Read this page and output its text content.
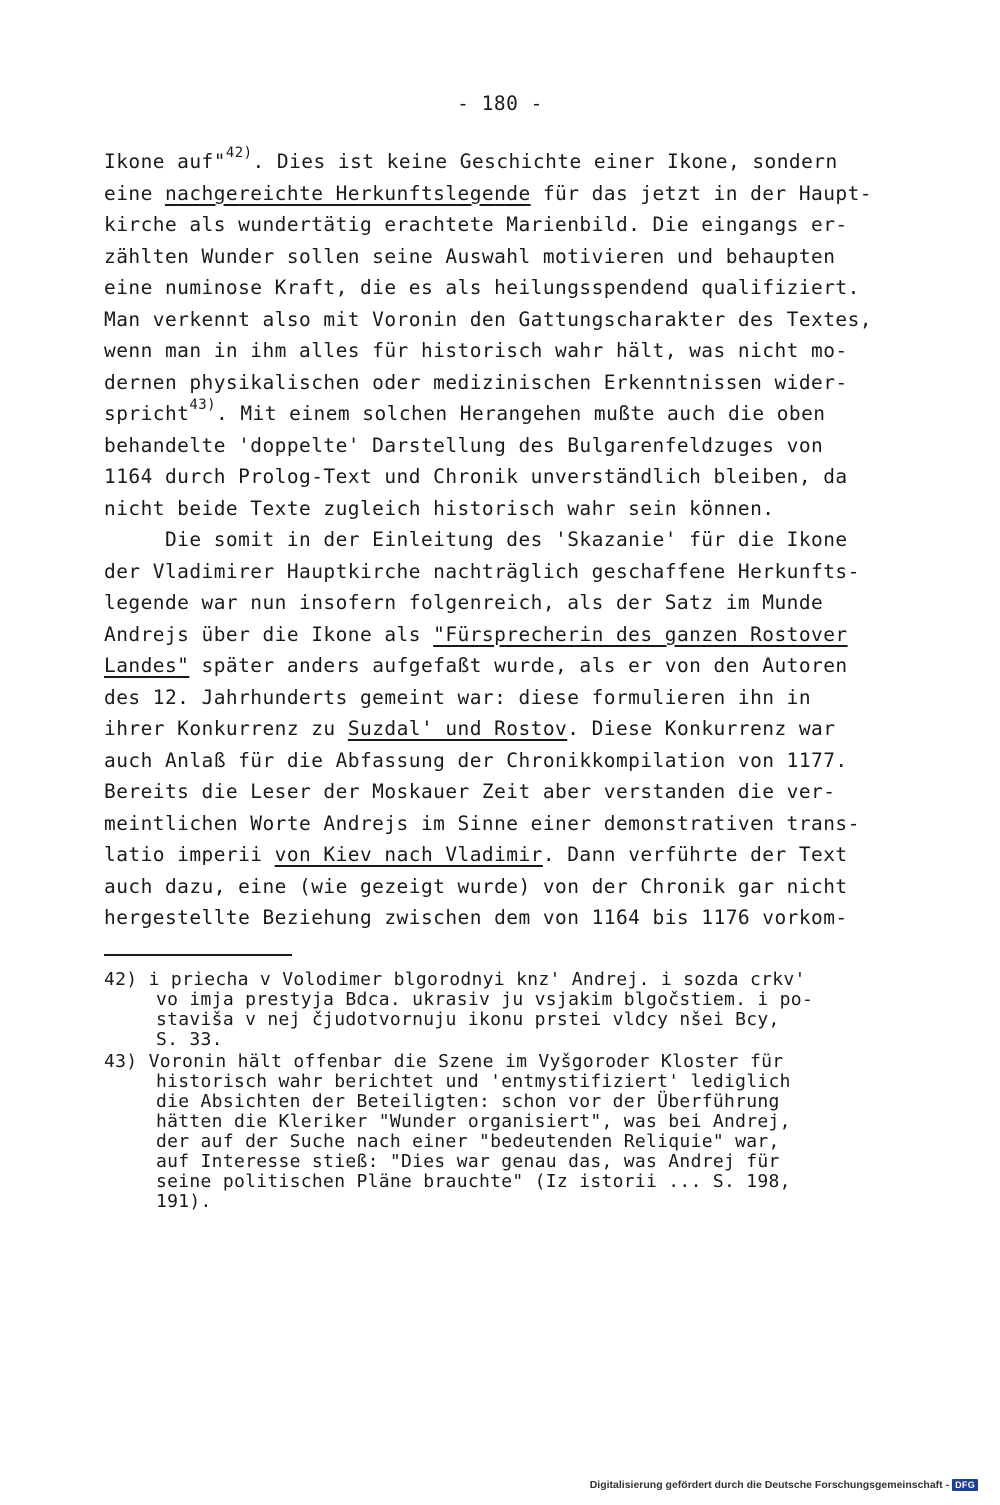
- 180 -
Ikone auf"$^{42)}$. Dies ist keine Geschichte einer Ikone, sondern
eine nachgereichte Herkunftslegende für das jetzt in der Haupt-
kirche als wundertätig erachtete Marienbild. Die eingangs er-
zählten Wunder sollen seine Auswahl motivieren und behaupten
eine numinose Kraft, die es als heilungsspendend qualifiziert.
Man verkennt also mit Voronin den Gattungscharakter des Textes,
wenn man in ihm alles für historisch wahr hält, was nicht mo-
dernen physikalischen oder medizinischen Erkenntnissen wider-
spricht$^{43)}$. Mit einem solchen Herangehen mußte auch die oben
behandelte 'doppelte' Darstellung des Bulgarenfeldzuges von
1164 durch Prolog-Text und Chronik unverständlich bleiben, da
nicht beide Texte zugleich historisch wahr sein können.
Die somit in der Einleitung des 'Skazanie' für die Ikone
der Vladimirer Hauptkirche nachträglich geschaffene Herkunfts-
legende war nun insofern folgenreich, als der Satz im Munde
Andrejs über die Ikone als "Fürsprecherin des ganzen Rostover
Landes" später anders aufgefaßt wurde, als er von den Autoren
des 12. Jahrhunderts gemeint war: diese formulieren ihn in
ihrer Konkurrenz zu Suzdal' und Rostov. Diese Konkurrenz war
auch Anlaß für die Abfassung der Chronikkompilation von 1177.
Bereits die Leser der Moskauer Zeit aber verstanden die ver-
meintlichen Worte Andrejs im Sinne einer demonstrativen trans-
latio imperii von Kiev nach Vladimir. Dann verführte der Text
auch dazu, eine (wie gezeigt wurde) von der Chronik gar nicht
hergestellte Beziehung zwischen dem von 1164 bis 1176 vorkom-
42) i priecha v Volodimer blgorodnyi knz' Andrej. i sozda crkv'
vo imja prestyja Bdca. ukrasiv ju vsjakim blgočstiem. i po-
staviša v nej čjudotvornuju ikonu prstei vldcy nšei Bcy,
S. 33.
43) Voronin hält offenbar die Szene im Vyšgoroder Kloster für
historisch wahr berichtet und 'entmystifiziert' lediglich
die Absichten der Beteiligten: schon vor der Überführung
hätten die Kleriker "Wunder organisiert", was bei Andrej,
der auf der Suche nach einer "bedeutenden Reliquie" war,
auf Interesse stieß: "Dies war genau das, was Andrej für
seine politischen Pläne brauchte" (Iz istorii ... S. 198,
191).
Digitalisierung gefördert durch die Deutsche Forschungsgemeinschaft - DFG
